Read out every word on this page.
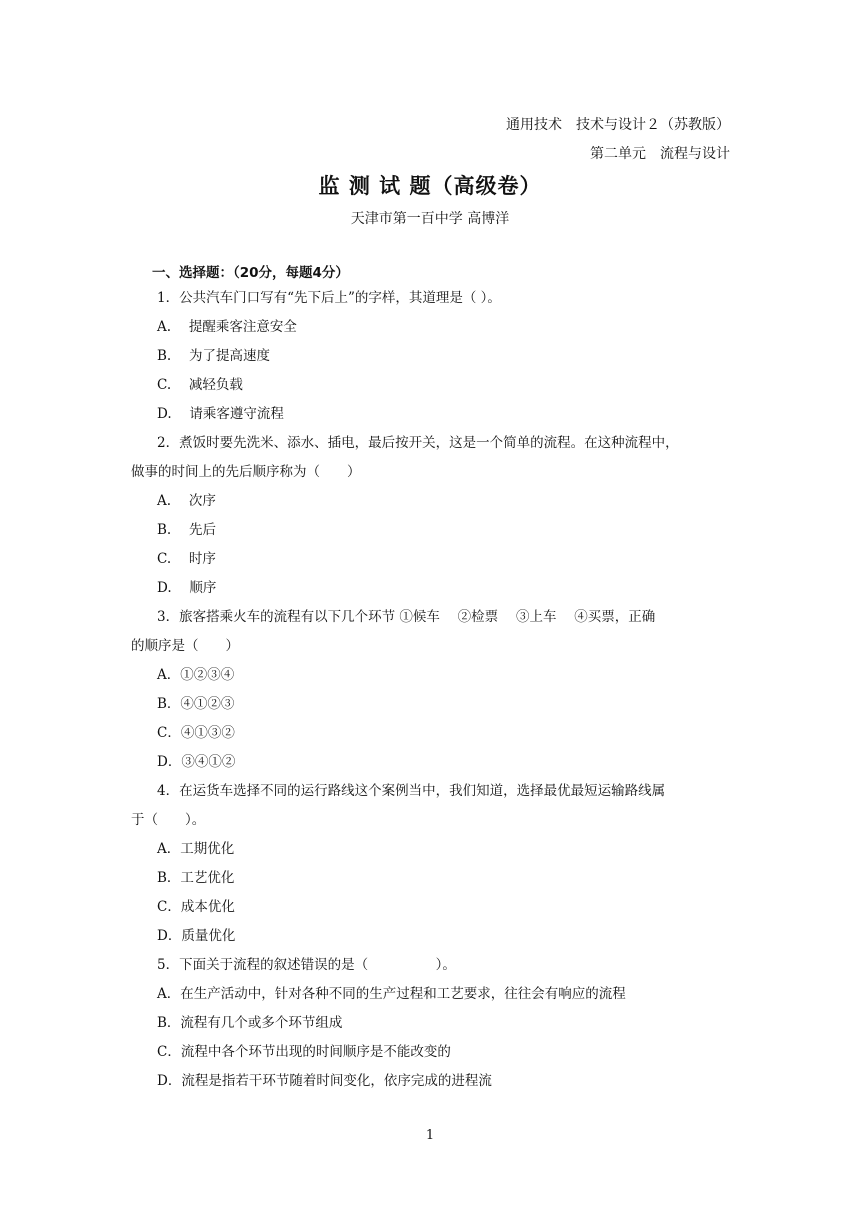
通用技术　技术与设计２（苏教版）
第二单元　流程与设计
监 测 试 题（高级卷）
天津市第一百中学 高博洋
一、选择题：（20分，每题4分）
1．公共汽车门口写有“先下后上”的字样，其道理是（ ）。
A.　 提醒乘客注意安全
B.　 为了提高速度
C.　 减轻负载
D.　 请乘客遵守流程
2．煮饭时要先洗米、添水、插电，最后按开关，这是一个简单的流程。在这种流程中，
做事的时间上的先后顺序称为（　　）
A.　 次序
B.　 先后
C.　 时序
D.　 顺序
3．旅客搭乘火车的流程有以下几个环节 ①候车　 ②检票　 ③上车　 ④买票，正确
的顺序是（　　）
A．①②③④
B．④①②③
C．④①③②
D．③④①②
4．在运货车选择不同的运行路线这个案例当中，我们知道，选择最优最短运输路线属
于（　　）。
A．工期优化
B．工艺优化
C．成本优化
D．质量优化
5．下面关于流程的叙述错误的是（　　　　　）。
A．在生产活动中，针对各种不同的生产过程和工艺要求，往往会有响应的流程
B．流程有几个或多个环节组成
C．流程中各个环节出现的时间顺序是不能改变的
D．流程是指若干环节随着时间变化，依序完成的进程流
1
